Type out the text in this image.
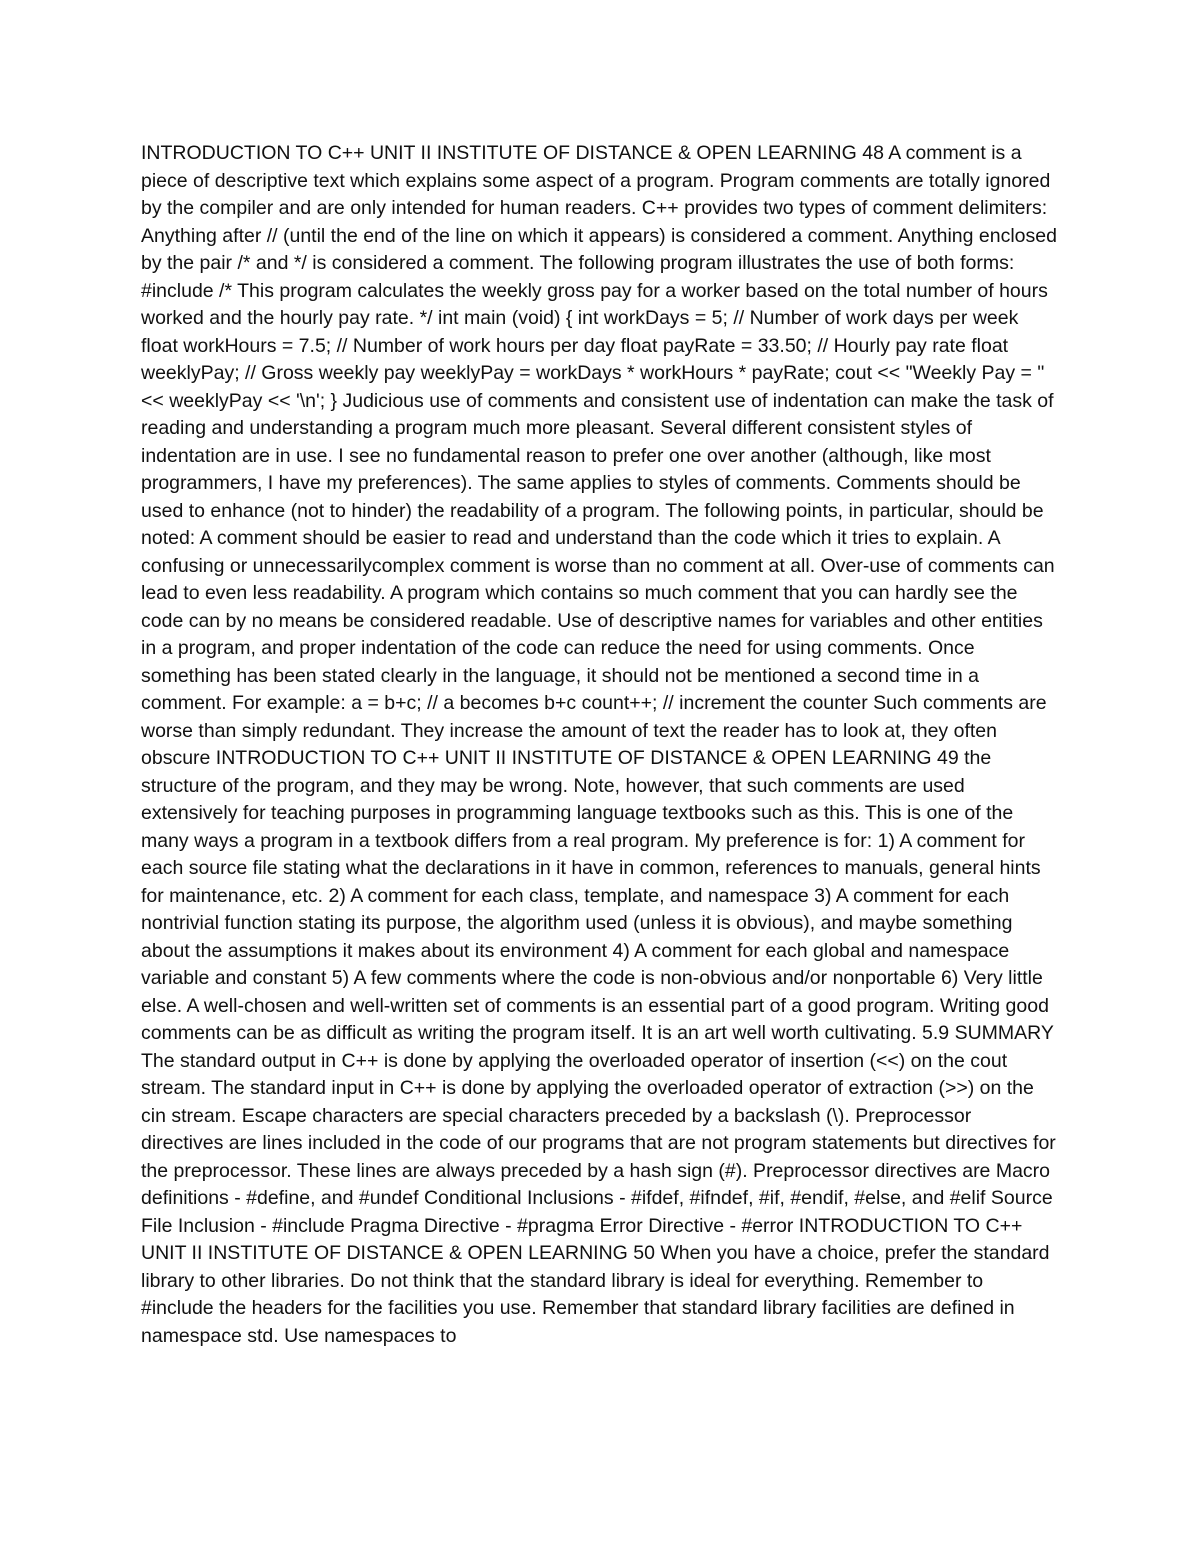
INTRODUCTION TO C++ UNIT II INSTITUTE OF DISTANCE & OPEN LEARNING 48 A comment is a piece of descriptive text which explains some aspect of a program. Program comments are totally ignored by the compiler and are only intended for human readers. C++ provides two types of comment delimiters: Anything after // (until the end of the line on which it appears) is considered a comment. Anything enclosed by the pair /* and */ is considered a comment. The following program illustrates the use of both forms: #include /* This program calculates the weekly gross pay for a worker based on the total number of hours worked and the hourly pay rate. */ int main (void) { int workDays = 5; // Number of work days per week float workHours = 7.5; // Number of work hours per day float payRate = 33.50; // Hourly pay rate float weeklyPay; // Gross weekly pay weeklyPay = workDays * workHours * payRate; cout << "Weekly Pay = " << weeklyPay << '\n'; } Judicious use of comments and consistent use of indentation can make the task of reading and understanding a program much more pleasant. Several different consistent styles of indentation are in use. I see no fundamental reason to prefer one over another (although, like most programmers, I have my preferences). The same applies to styles of comments. Comments should be used to enhance (not to hinder) the readability of a program. The following points, in particular, should be noted: A comment should be easier to read and understand than the code which it tries to explain. A confusing or unnecessarilycomplex comment is worse than no comment at all. Over-use of comments can lead to even less readability. A program which contains so much comment that you can hardly see the code can by no means be considered readable. Use of descriptive names for variables and other entities in a program, and proper indentation of the code can reduce the need for using comments. Once something has been stated clearly in the language, it should not be mentioned a second time in a comment. For example: a = b+c; // a becomes b+c count++; // increment the counter Such comments are worse than simply redundant. They increase the amount of text the reader has to look at, they often obscure INTRODUCTION TO C++ UNIT II INSTITUTE OF DISTANCE & OPEN LEARNING 49 the structure of the program, and they may be wrong. Note, however, that such comments are used extensively for teaching purposes in programming language textbooks such as this. This is one of the many ways a program in a textbook differs from a real program. My preference is for: 1) A comment for each source file stating what the declarations in it have in common, references to manuals, general hints for maintenance, etc. 2) A comment for each class, template, and namespace 3) A comment for each nontrivial function stating its purpose, the algorithm used (unless it is obvious), and maybe something about the assumptions it makes about its environment 4) A comment for each global and namespace variable and constant 5) A few comments where the code is non-obvious and/or nonportable 6) Very little else. A well-chosen and well-written set of comments is an essential part of a good program. Writing good comments can be as difficult as writing the program itself. It is an art well worth cultivating. 5.9 SUMMARY The standard output in C++ is done by applying the overloaded operator of insertion (<<) on the cout stream. The standard input in C++ is done by applying the overloaded operator of extraction (>>) on the cin stream. Escape characters are special characters preceded by a backslash (\). Preprocessor directives are lines included in the code of our programs that are not program statements but directives for the preprocessor. These lines are always preceded by a hash sign (#). Preprocessor directives are Macro definitions - #define, and #undef Conditional Inclusions - #ifdef, #ifndef, #if, #endif, #else, and #elif Source File Inclusion - #include Pragma Directive - #pragma Error Directive - #error INTRODUCTION TO C++ UNIT II INSTITUTE OF DISTANCE & OPEN LEARNING 50 When you have a choice, prefer the standard library to other libraries. Do not think that the standard library is ideal for everything. Remember to #include the headers for the facilities you use. Remember that standard library facilities are defined in namespace std. Use namespaces to
